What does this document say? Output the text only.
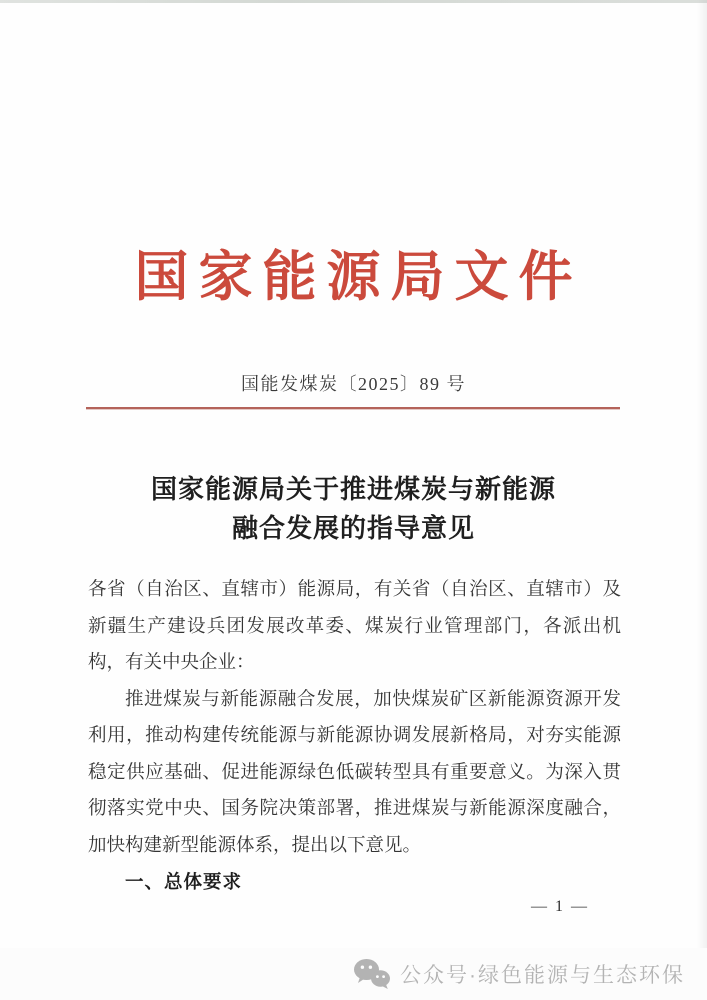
国家能源局文件
国能发煤炭〔2025〕89 号
国家能源局关于推进煤炭与新能源
融合发展的指导意见

各省（自治区、直辖市）能源局，有关省（自治区、直辖市）及新疆生产建设兵团发展改革委、煤炭行业管理部门，各派出机构，有关中央企业：

推进煤炭与新能源融合发展，加快煤炭矿区新能源资源开发利用，推动构建传统能源与新能源协调发展新格局，对夯实能源稳定供应基础、促进能源绿色低碳转型具有重要意义。为深入贯彻落实党中央、国务院决策部署，推进煤炭与新能源深度融合，加快构建新型能源体系，提出以下意见。

一、总体要求

— 1 —
公众号·绿色能源与生态环保
